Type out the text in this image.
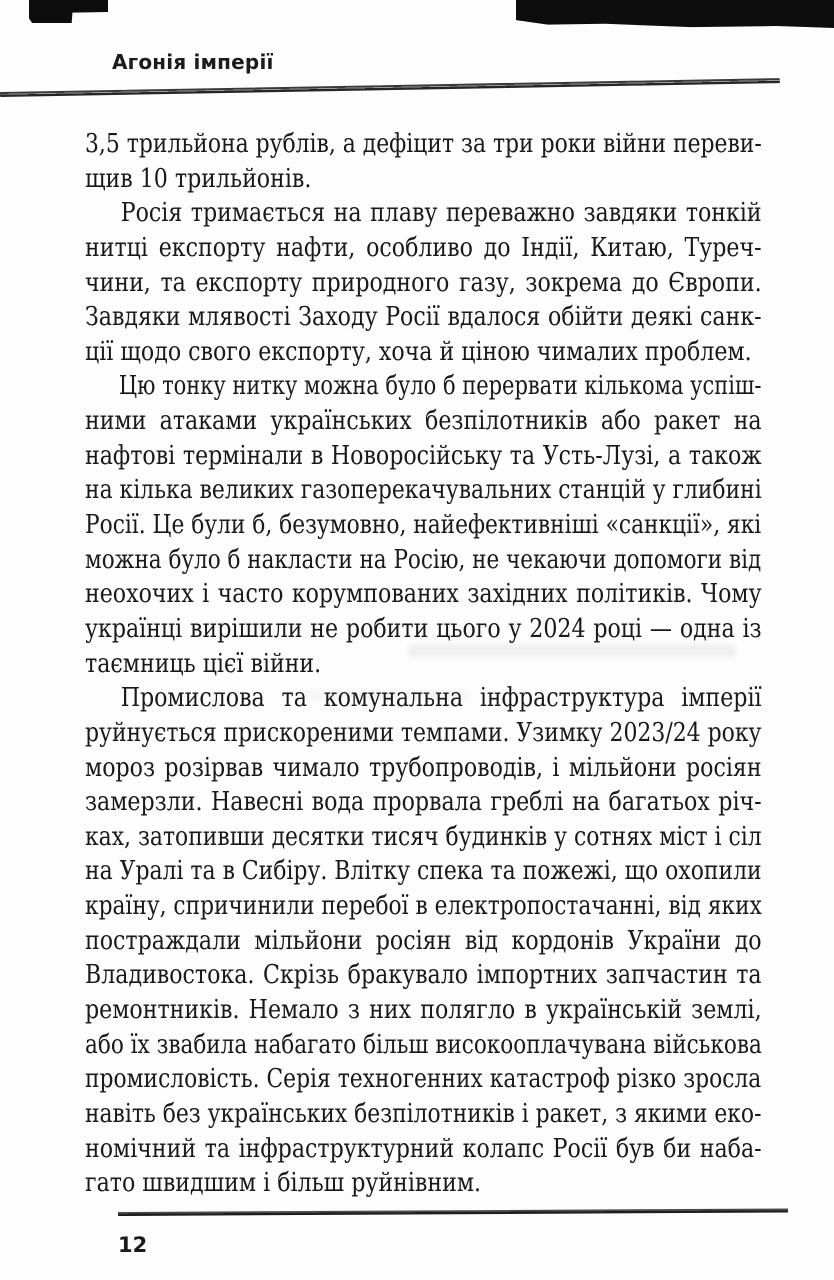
Агонія імперії
3,5 трильйона рублів, а дефіцит за три роки війни переви-
щив 10 трильйонів.
Росія тримається на плаву переважно завдяки тонкій
нитці експорту нафти, особливо до Індії, Китаю, Туреч-
чини, та експорту природного газу, зокрема до Європи.
Завдяки млявості Заходу Росії вдалося обійти деякі санк-
ції щодо свого експорту, хоча й ціною чималих проблем.
Цю тонку нитку можна було б перервати кількома успіш-
ними атаками українських безпілотників або ракет на
нафтові термінали в Новоросійську та Усть-Лузі, а також
на кілька великих газоперекачувальних станцій у глибині
Росії. Це були б, безумовно, найефективніші «санкції», які
можна було б накласти на Росію, не чекаючи допомоги від
неохочих і часто корумпованих західних політиків. Чому
українці вирішили не робити цього у 2024 році — одна із
таємниць цієї війни.
Промислова та комунальна інфраструктура імперії
руйнується прискореними темпами. Узимку 2023/24 року
мороз розірвав чимало трубопроводів, і мільйони росіян
замерзли. Навесні вода прорвала греблі на багатьох річ-
ках, затопивши десятки тисяч будинків у сотнях міст і сіл
на Уралі та в Сибіру. Влітку спека та пожежі, що охопили
країну, спричинили перебої в електропостачанні, від яких
постраждали мільйони росіян від кордонів України до
Владивостока. Скрізь бракувало імпортних запчастин та
ремонтників. Немало з них полягло в українській землі,
або їх звабила набагато більш високооплачувана військова
промисловість. Серія техногенних катастроф різко зросла
навіть без українських безпілотників і ракет, з якими еко-
номічний та інфраструктурний колапс Росії був би наба-
гато швидшим і більш руйнівним.
12
